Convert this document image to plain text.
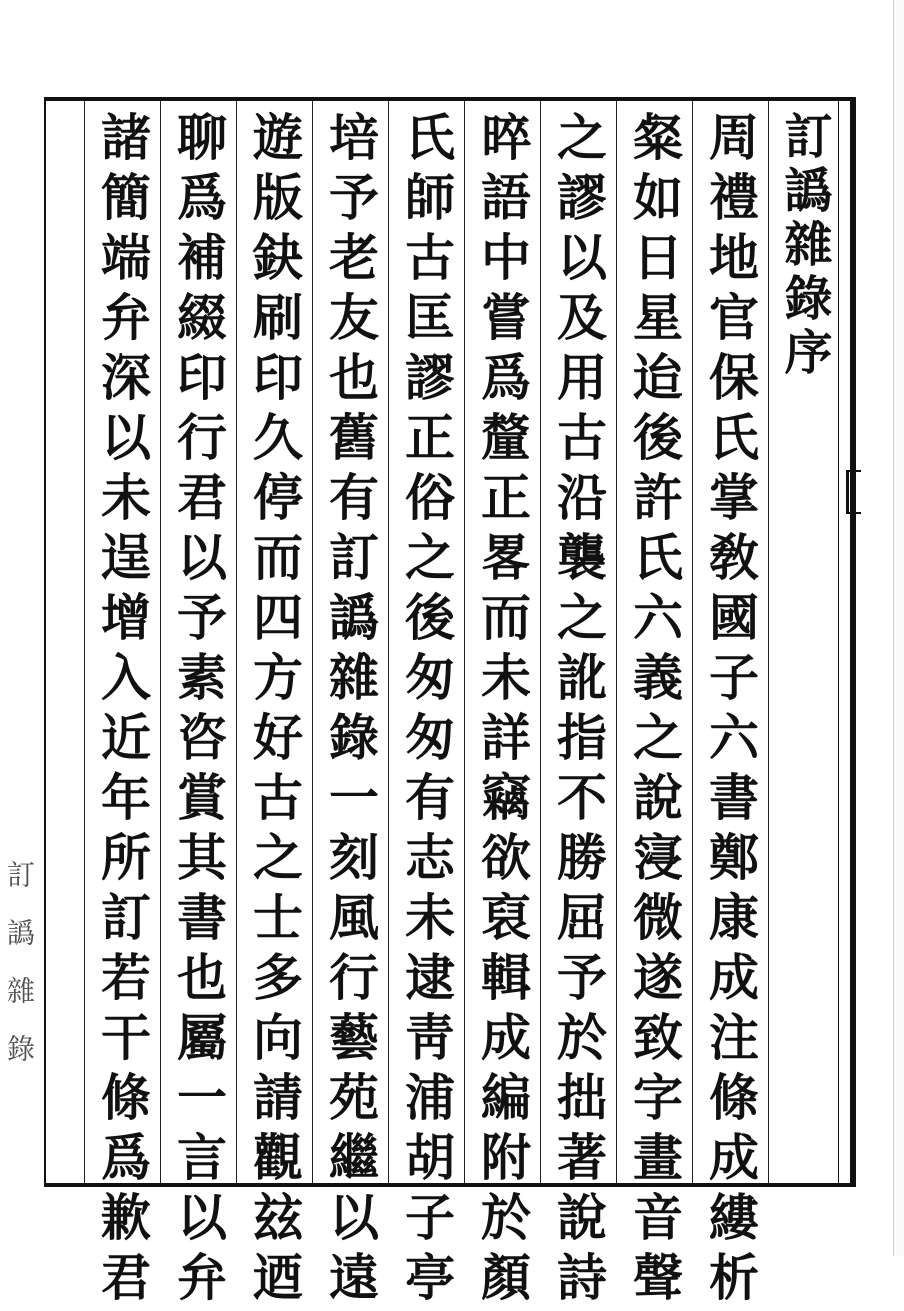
訂譌雜錄
訂譌雜錄序
周禮地官保氏掌敎國子六書鄭康成注條成縷析
粲如日星迨後許氏六義之說寖微遂致字畫音聲
之謬以及用古沿襲之訛指不勝屈予於拙著說詩
晬語中嘗爲釐正畧而未詳竊欲裒輯成編附於顏
氏師古匡謬正俗之後匆匆有志未逮靑浦胡子亭
培予老友也舊有訂譌雜錄一刻風行藝苑繼以遠
遊版鈌刷印久停而四方好古之士多向請觀玆迺
聊爲補綴印行君以予素咨賞其書也屬一言以弁
諸簡端弁深以未逞增入近年所訂若干條爲歉君
